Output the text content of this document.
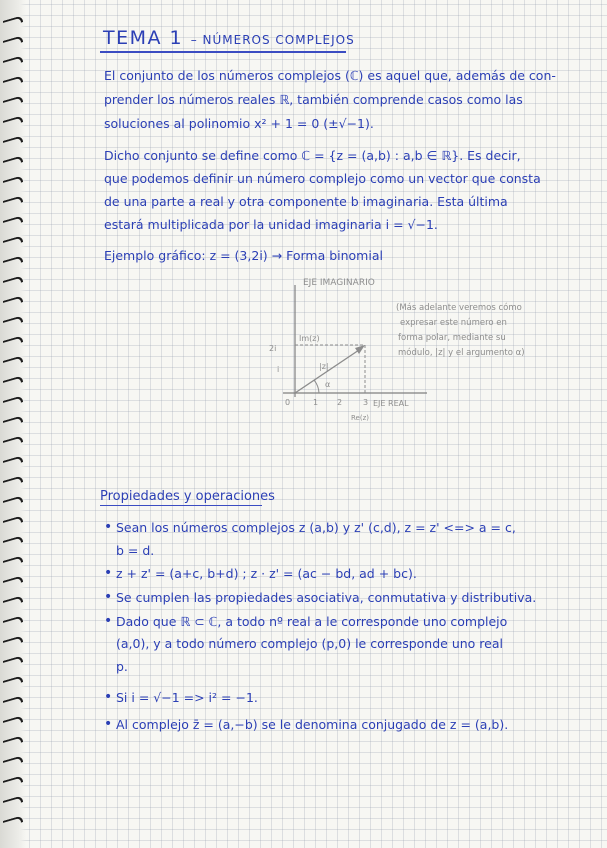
TEMA 1 – NÚMEROS COMPLEJOS
El conjunto de los números complejos (ℂ) es aquel que, además de con-
prender los números reales ℝ, también comprende casos como las
soluciones al polinomio x² + 1 = 0 (±√−1).
Dicho conjunto se define como ℂ = {z = (a,b) : a,b ∈ ℝ}. Es decir,
que podemos definir un número complejo como un vector que consta
de una parte a real y otra componente b imaginaria. Esta última
estará multiplicada por la unidad imaginaria i = √−1.
Ejemplo gráfico: z = (3,2i) → Forma binomial
EJE IMAGINARIO
EJE REAL
Re(z)
Im(z)
2i
i
0	1 2	3
|z|
α
(Más adelante veremos cómo
expresar este número en
forma polar, mediante su
módulo, |z| y el argumento α)
Propiedades y operaciones
• Sean los números complejos z (a,b) y z' (c,d), z = z' <=> a = c,
b = d.
• z + z' = (a+c, b+d) ; z · z' = (ac − bd, ad + bc).
• Se cumplen las propiedades asociativa, conmutativa y distributiva.
• Dado que ℝ ⊂ ℂ, a todo nº real a le corresponde uno complejo
(a,0), y a todo número complejo (p,0) le corresponde uno real
p.
• Si i = √−1 => i² = −1.
• Al complejo z̄ = (a,−b) se le denomina conjugado de z = (a,b).
